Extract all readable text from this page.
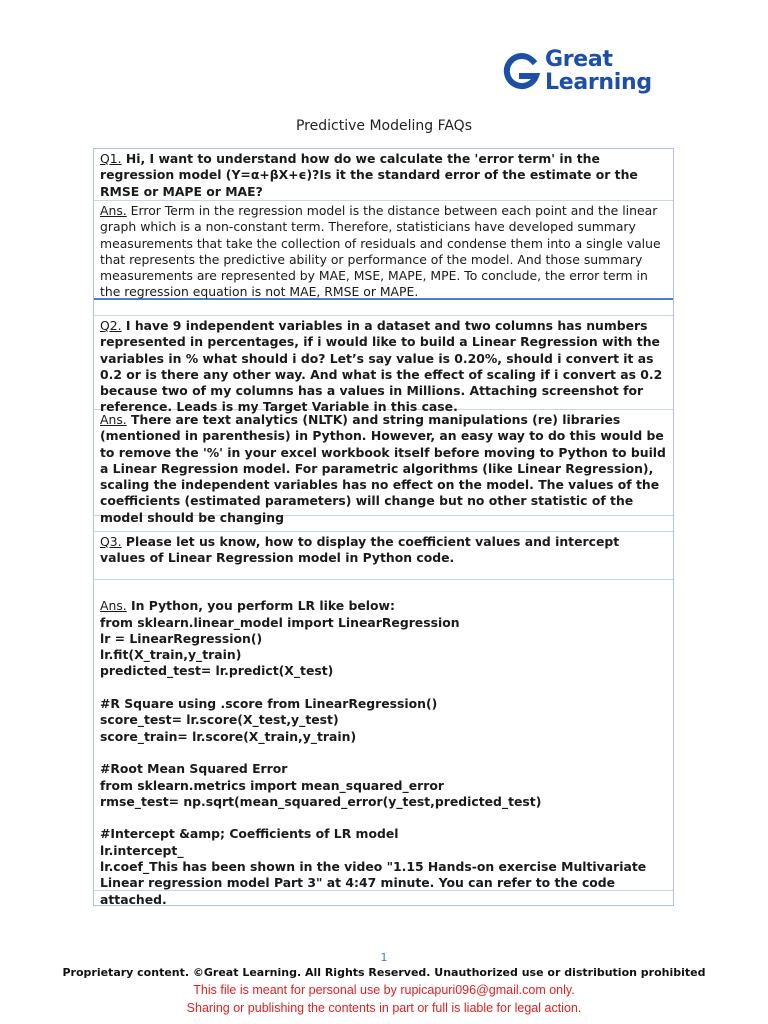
Great
Learning
Predictive Modeling FAQs
Q1. Hi, I want to understand how do we calculate the 'error term' in the regression model (Y=α+βX+ϵ)?Is it the standard error of the estimate or the RMSE or MAPE or MAE?
Ans. Error Term in the regression model is the distance between each point and the linear graph which is a non-constant term. Therefore, statisticians have developed summary measurements that take the collection of residuals and condense them into a single value that represents the predictive ability or performance of the model. And those summary measurements are represented by MAE, MSE, MAPE, MPE. To conclude, the error term in the regression equation is not MAE, RMSE or MAPE.
Q2. I have 9 independent variables in a dataset and two columns has numbers represented in percentages, if i would like to build a Linear Regression with the variables in % what should i do? Let’s say value is 0.20%, should i convert it as 0.2 or is there any other way. And what is the effect of scaling if i convert as 0.2 because two of my columns has a values in Millions. Attaching screenshot for reference. Leads is my Target Variable in this case.
Ans. There are text analytics (NLTK) and string manipulations (re) libraries (mentioned in parenthesis) in Python. However, an easy way to do this would be to remove the '%' in your excel workbook itself before moving to Python to build a Linear Regression model. For parametric algorithms (like Linear Regression), scaling the independent variables has no effect on the model. The values of the coefficients (estimated parameters) will change but no other statistic of the model should be changing
Q3. Please let us know, how to display the coefficient values and intercept values of Linear Regression model in Python code.

Ans. In Python, you perform LR like below:
from sklearn.linear_model import LinearRegression
lr = LinearRegression()
lr.fit(X_train,y_train)
predicted_test= lr.predict(X_test)

#R Square using .score from LinearRegression()
score_test= lr.score(X_test,y_test)
score_train= lr.score(X_train,y_train)

#Root Mean Squared Error
from sklearn.metrics import mean_squared_error
rmse_test= np.sqrt(mean_squared_error(y_test,predicted_test)

#Intercept &amp; Coefficients of LR model
lr.intercept_
lr.coef_This has been shown in the video "1.15 Hands-on exercise Multivariate Linear regression model Part 3" at 4:47 minute. You can refer to the code attached.

1
Proprietary content. ©Great Learning. All Rights Reserved. Unauthorized use or distribution prohibited
This file is meant for personal use by rupicapuri096@gmail.com only.
Sharing or publishing the contents in part or full is liable for legal action.
